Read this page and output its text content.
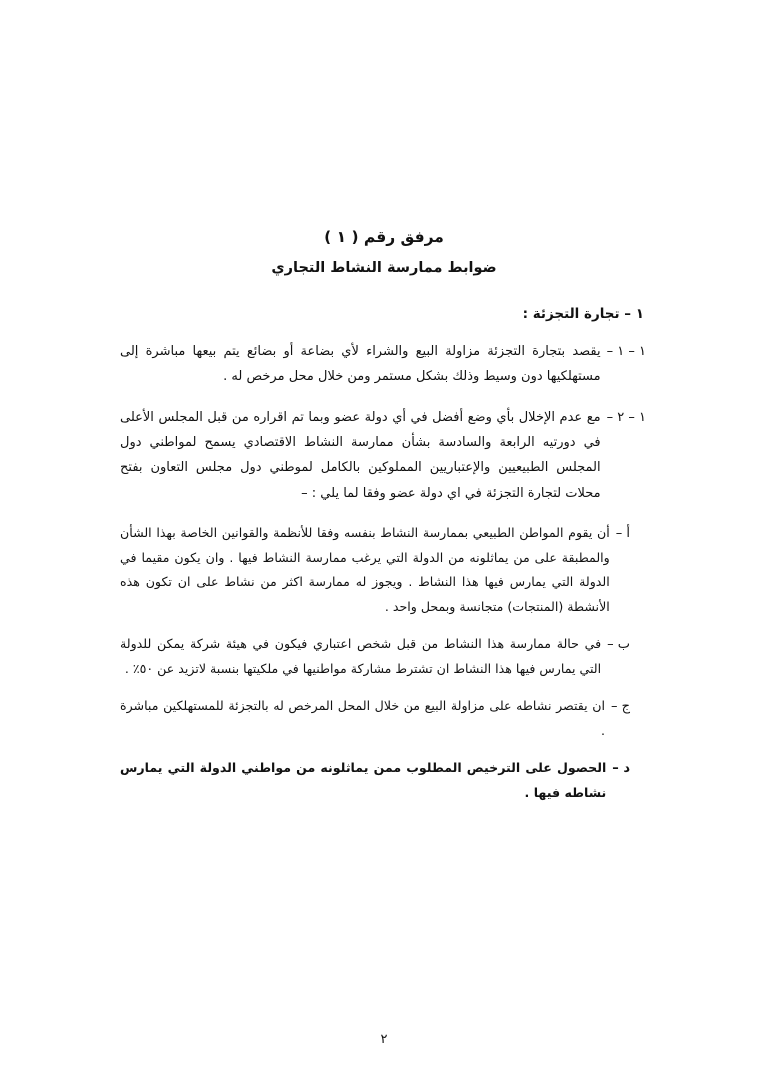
مرفق رقم ( ١ )
ضوابط ممارسة النشاط التجاري
١ – تجارة التجزئة :
١ – ١ –
يقصد بتجارة التجزئة مزاولة البيع والشراء لأي بضاعة أو بضائع يتم بيعها مباشرة إلى مستهلكيها دون وسيط وذلك بشكل مستمر ومن خلال محل مرخص له .
١ – ٢ –
مع عدم الإخلال بأي وضع أفضل في أي دولة عضو وبما تم اقراره من قبل المجلس الأعلى في دورتيه الرابعة والسادسة بشأن ممارسة النشاط الاقتصادي يسمح لمواطني دول المجلس الطبيعيين والإعتباريين المملوكين بالكامل لموطني دول مجلس التعاون بفتح محلات لتجارة التجزئة في اي دولة عضو وفقا لما يلي : –
أ –
أن يقوم المواطن الطبيعي بممارسة النشاط بنفسه وفقا للأنظمة والقوانين الخاصة بهذا الشأن والمطبقة على من يماثلونه من الدولة التي يرغب ممارسة النشاط فيها . وان يكون مقيما في الدولة التي يمارس فيها هذا النشاط . ويجوز له ممارسة اكثر من نشاط على ان تكون هذه الأنشطة (المنتجات) متجانسة وبمحل واحد .
ب –
في حالة ممارسة هذا النشاط من قبل شخص اعتباري فيكون في هيئة شركة يمكن للدولة التي يمارس فيها هذا النشاط ان تشترط مشاركة مواطنيها في ملكيتها بنسبة لاتزيد عن ٥٠٪ .
ج –
ان يقتصر نشاطه على مزاولة البيع من خلال المحل المرخص له بالتجزئة للمستهلكين مباشرة .
د –
الحصول على الترخيص المطلوب ممن يماثلونه من مواطني الدولة التي يمارس نشاطه فيها .
٢
